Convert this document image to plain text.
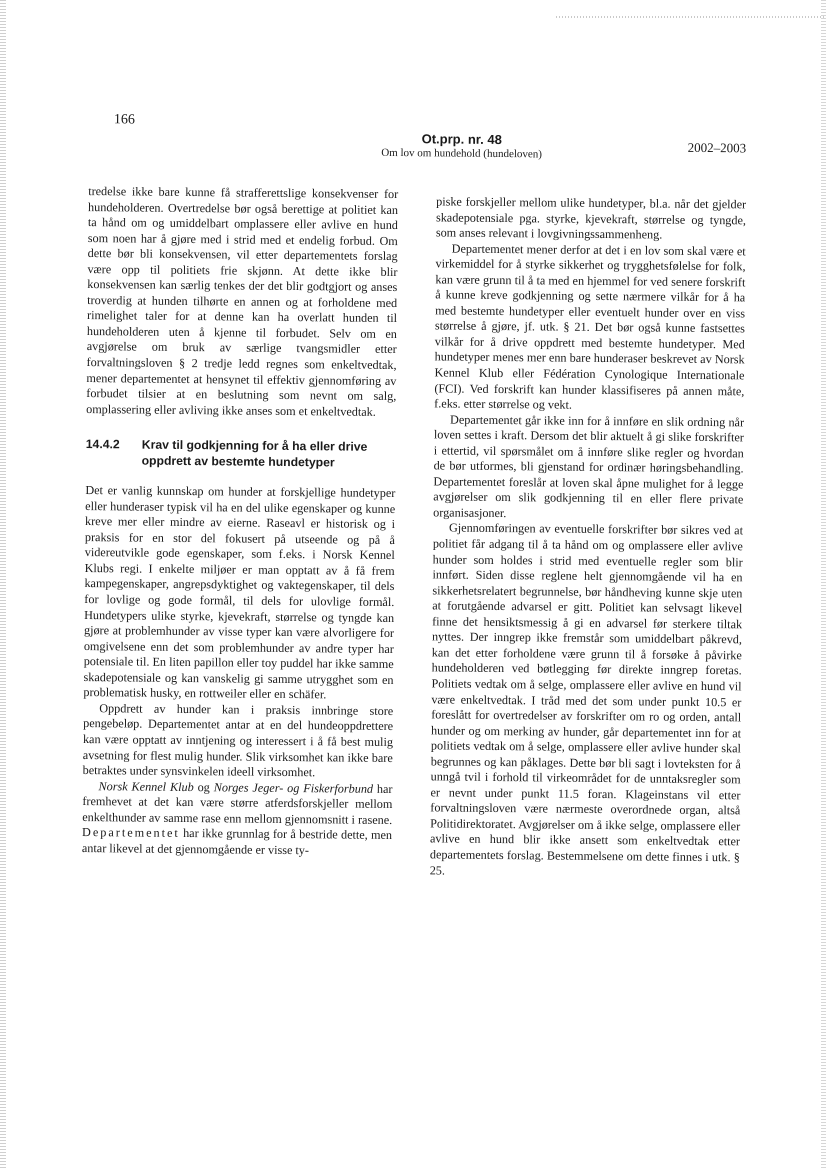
166
Ot.prp. nr. 48
Om lov om hundehold (hundeloven)	2002–2003

tredelse ikke bare kunne få strafferettslige konsekvenser for hundeholderen. Overtredelse bør også berettige at politiet kan ta hånd om og umiddelbart omplassere eller avlive en hund som noen har å gjøre med i strid med et endelig forbud. Om dette bør bli konsekvensen, vil etter departementets forslag være opp til politiets frie skjønn. At dette ikke blir konsekvensen kan særlig tenkes der det blir godtgjort og anses troverdig at hunden tilhørte en annen og at forholdene med rimelighet taler for at denne kan ha overlatt hunden til hundeholderen uten å kjenne til forbudet. Selv om en avgjørelse om bruk av særlige tvangsmidler etter forvaltningsloven § 2 tredje ledd regnes som enkeltvedtak, mener departementet at hensynet til effektiv gjennomføring av forbudet tilsier at en beslutning som nevnt om salg, omplassering eller avliving ikke anses som et enkeltvedtak.

14.4.2	Krav til godkjenning for å ha eller drive oppdrett av bestemte hundetyper

Det er vanlig kunnskap om hunder at forskjellige hundetyper eller hunderaser typisk vil ha en del ulike egenskaper og kunne kreve mer eller mindre av eierne. Raseavl er historisk og i praksis for en stor del fokusert på utseende og på å videreutvikle gode egenskaper, som f.eks. i Norsk Kennel Klubs regi. I enkelte miljøer er man opptatt av å få frem kampegenskaper, angrepsdyktighet og vaktegenskaper, til dels for lovlige og gode formål, til dels for ulovlige formål. Hundetypers ulike styrke, kjevekraft, størrelse og tyngde kan gjøre at problemhunder av visse typer kan være alvorligere for omgivelsene enn det som problemhunder av andre typer har potensiale til. En liten papillon eller toy puddel har ikke samme skadepotensiale og kan vanskelig gi samme utrygghet som en problematisk husky, en rottweiler eller en schäfer.

Oppdrett av hunder kan i praksis innbringe store pengebeløp. Departementet antar at en del hundeoppdrettere kan være opptatt av inntjening og interessert i å få best mulig avsetning for flest mulig hunder. Slik virksomhet kan ikke bare betraktes under synsvinkelen ideell virksomhet.

Norsk Kennel Klub og Norges Jeger- og Fiskerforbund har fremhevet at det kan være større atferdsforskjeller mellom enkelthunder av samme rase enn mellom gjennomsnitt i rasene. Departementet har ikke grunnlag for å bestride dette, men antar likevel at det gjennomgående er visse ty-

piske forskjeller mellom ulike hundetyper, bl.a. når det gjelder skadepotensiale pga. styrke, kjevekraft, størrelse og tyngde, som anses relevant i lovgivningssammenheng.

Departementet mener derfor at det i en lov som skal være et virkemiddel for å styrke sikkerhet og trygghetsfølelse for folk, kan være grunn til å ta med en hjemmel for ved senere forskrift å kunne kreve godkjenning og sette nærmere vilkår for å ha med bestemte hundetyper eller eventuelt hunder over en viss størrelse å gjøre, jf. utk. § 21. Det bør også kunne fastsettes vilkår for å drive oppdrett med bestemte hundetyper. Med hundetyper menes mer enn bare hunderaser beskrevet av Norsk Kennel Klub eller Fédération Cynologique Internationale (FCI). Ved forskrift kan hunder klassifiseres på annen måte, f.eks. etter størrelse og vekt.

Departementet går ikke inn for å innføre en slik ordning når loven settes i kraft. Dersom det blir aktuelt å gi slike forskrifter i ettertid, vil spørsmålet om å innføre slike regler og hvordan de bør utformes, bli gjenstand for ordinær høringsbehandling. Departementet foreslår at loven skal åpne mulighet for å legge avgjørelser om slik godkjenning til en eller flere private organisasjoner.

Gjennomføringen av eventuelle forskrifter bør sikres ved at politiet får adgang til å ta hånd om og omplassere eller avlive hunder som holdes i strid med eventuelle regler som blir innført. Siden disse reglene helt gjennomgående vil ha en sikkerhetsrelatert begrunnelse, bør håndheving kunne skje uten at forutgående advarsel er gitt. Politiet kan selvsagt likevel finne det hensiktsmessig å gi en advarsel før sterkere tiltak nyttes. Der inngrep ikke fremstår som umiddelbart påkrevd, kan det etter forholdene være grunn til å forsøke å påvirke hundeholderen ved bøtlegging før direkte inngrep foretas. Politiets vedtak om å selge, omplassere eller avlive en hund vil være enkeltvedtak. I tråd med det som under punkt 10.5 er foreslått for overtredelser av forskrifter om ro og orden, antall hunder og om merking av hunder, går departementet inn for at politiets vedtak om å selge, omplassere eller avlive hunder skal begrunnes og kan påklages. Dette bør bli sagt i lovteksten for å unngå tvil i forhold til virkeområdet for de unntaksregler som er nevnt under punkt 11.5 foran. Klageinstans vil etter forvaltningsloven være nærmeste overordnede organ, altså Politidirektoratet. Avgjørelser om å ikke selge, omplassere eller avlive en hund blir ikke ansett som enkeltvedtak etter departementets forslag. Bestemmelsene om dette finnes i utk. § 25.
